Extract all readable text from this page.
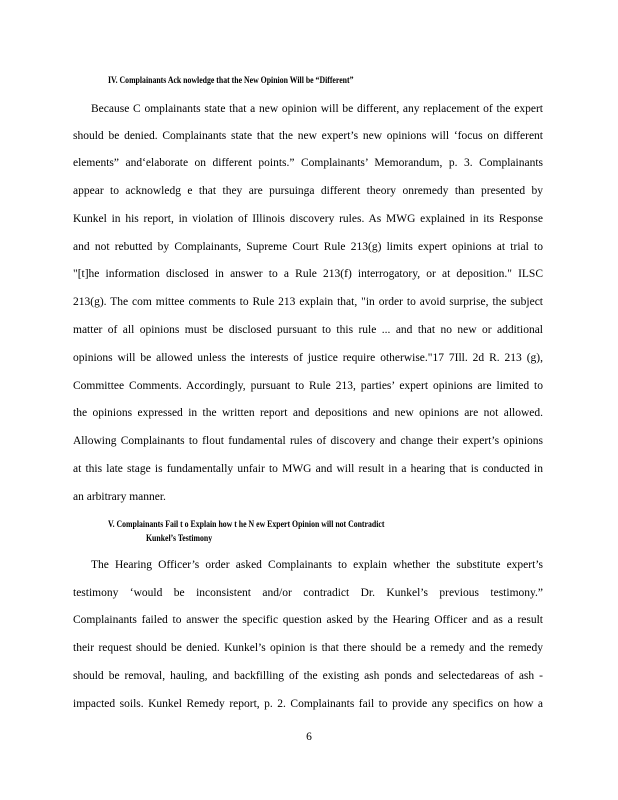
IV. Complainants Ack nowledge that the New Opinion Will be “Different”
Because C omplainants state that a new opinion will be different, any replacement of the expert
should be denied. Complainants state that the new expert’s new opinions will ‘focus on different
elements” and‘elaborate on different points.” Complainants’ Memorandum, p. 3. Complainants
appear to acknowledg e that they are pursuinga different theory onremedy than presented by
Kunkel in his report, in violation of Illinois discovery rules. As MWG explained in its Response
and not rebutted by Complainants, Supreme Court Rule 213(g) limits expert opinions at trial to
"[t]he information disclosed in answer to a Rule 213(f) interrogatory, or at deposition." ILSC
213(g). The com mittee comments to Rule 213 explain that, "in order to avoid surprise, the subject
matter of all opinions must be disclosed pursuant to this rule ... and that no new or additional
opinions will be allowed unless the interests of justice require otherwise."17 7Ill. 2d R. 213 (g),
Committee Comments. Accordingly, pursuant to Rule 213, parties’ expert opinions are limited to
the opinions expressed in the written report and depositions and new opinions are not allowed.
Allowing Complainants to flout fundamental rules of discovery and change their expert’s opinions
at this late stage is fundamentally unfair to MWG and will result in a hearing that is conducted in
an arbitrary manner.
V. Complainants Fail t o Explain how t he N ew Expert Opinion will not Contradict
Kunkel’s Testimony
The Hearing Officer’s order asked Complainants to explain whether the substitute expert’s
testimony ‘would be inconsistent and/or contradict Dr. Kunkel’s previous testimony.”
Complainants failed to answer the specific question asked by the Hearing Officer and as a result
their request should be denied. Kunkel’s opinion is that there should be a remedy and the remedy
should be removal, hauling, and backfilling of the existing ash ponds and selectedareas of ash -
impacted soils. Kunkel Remedy report, p. 2. Complainants fail to provide any specifics on how a
6
